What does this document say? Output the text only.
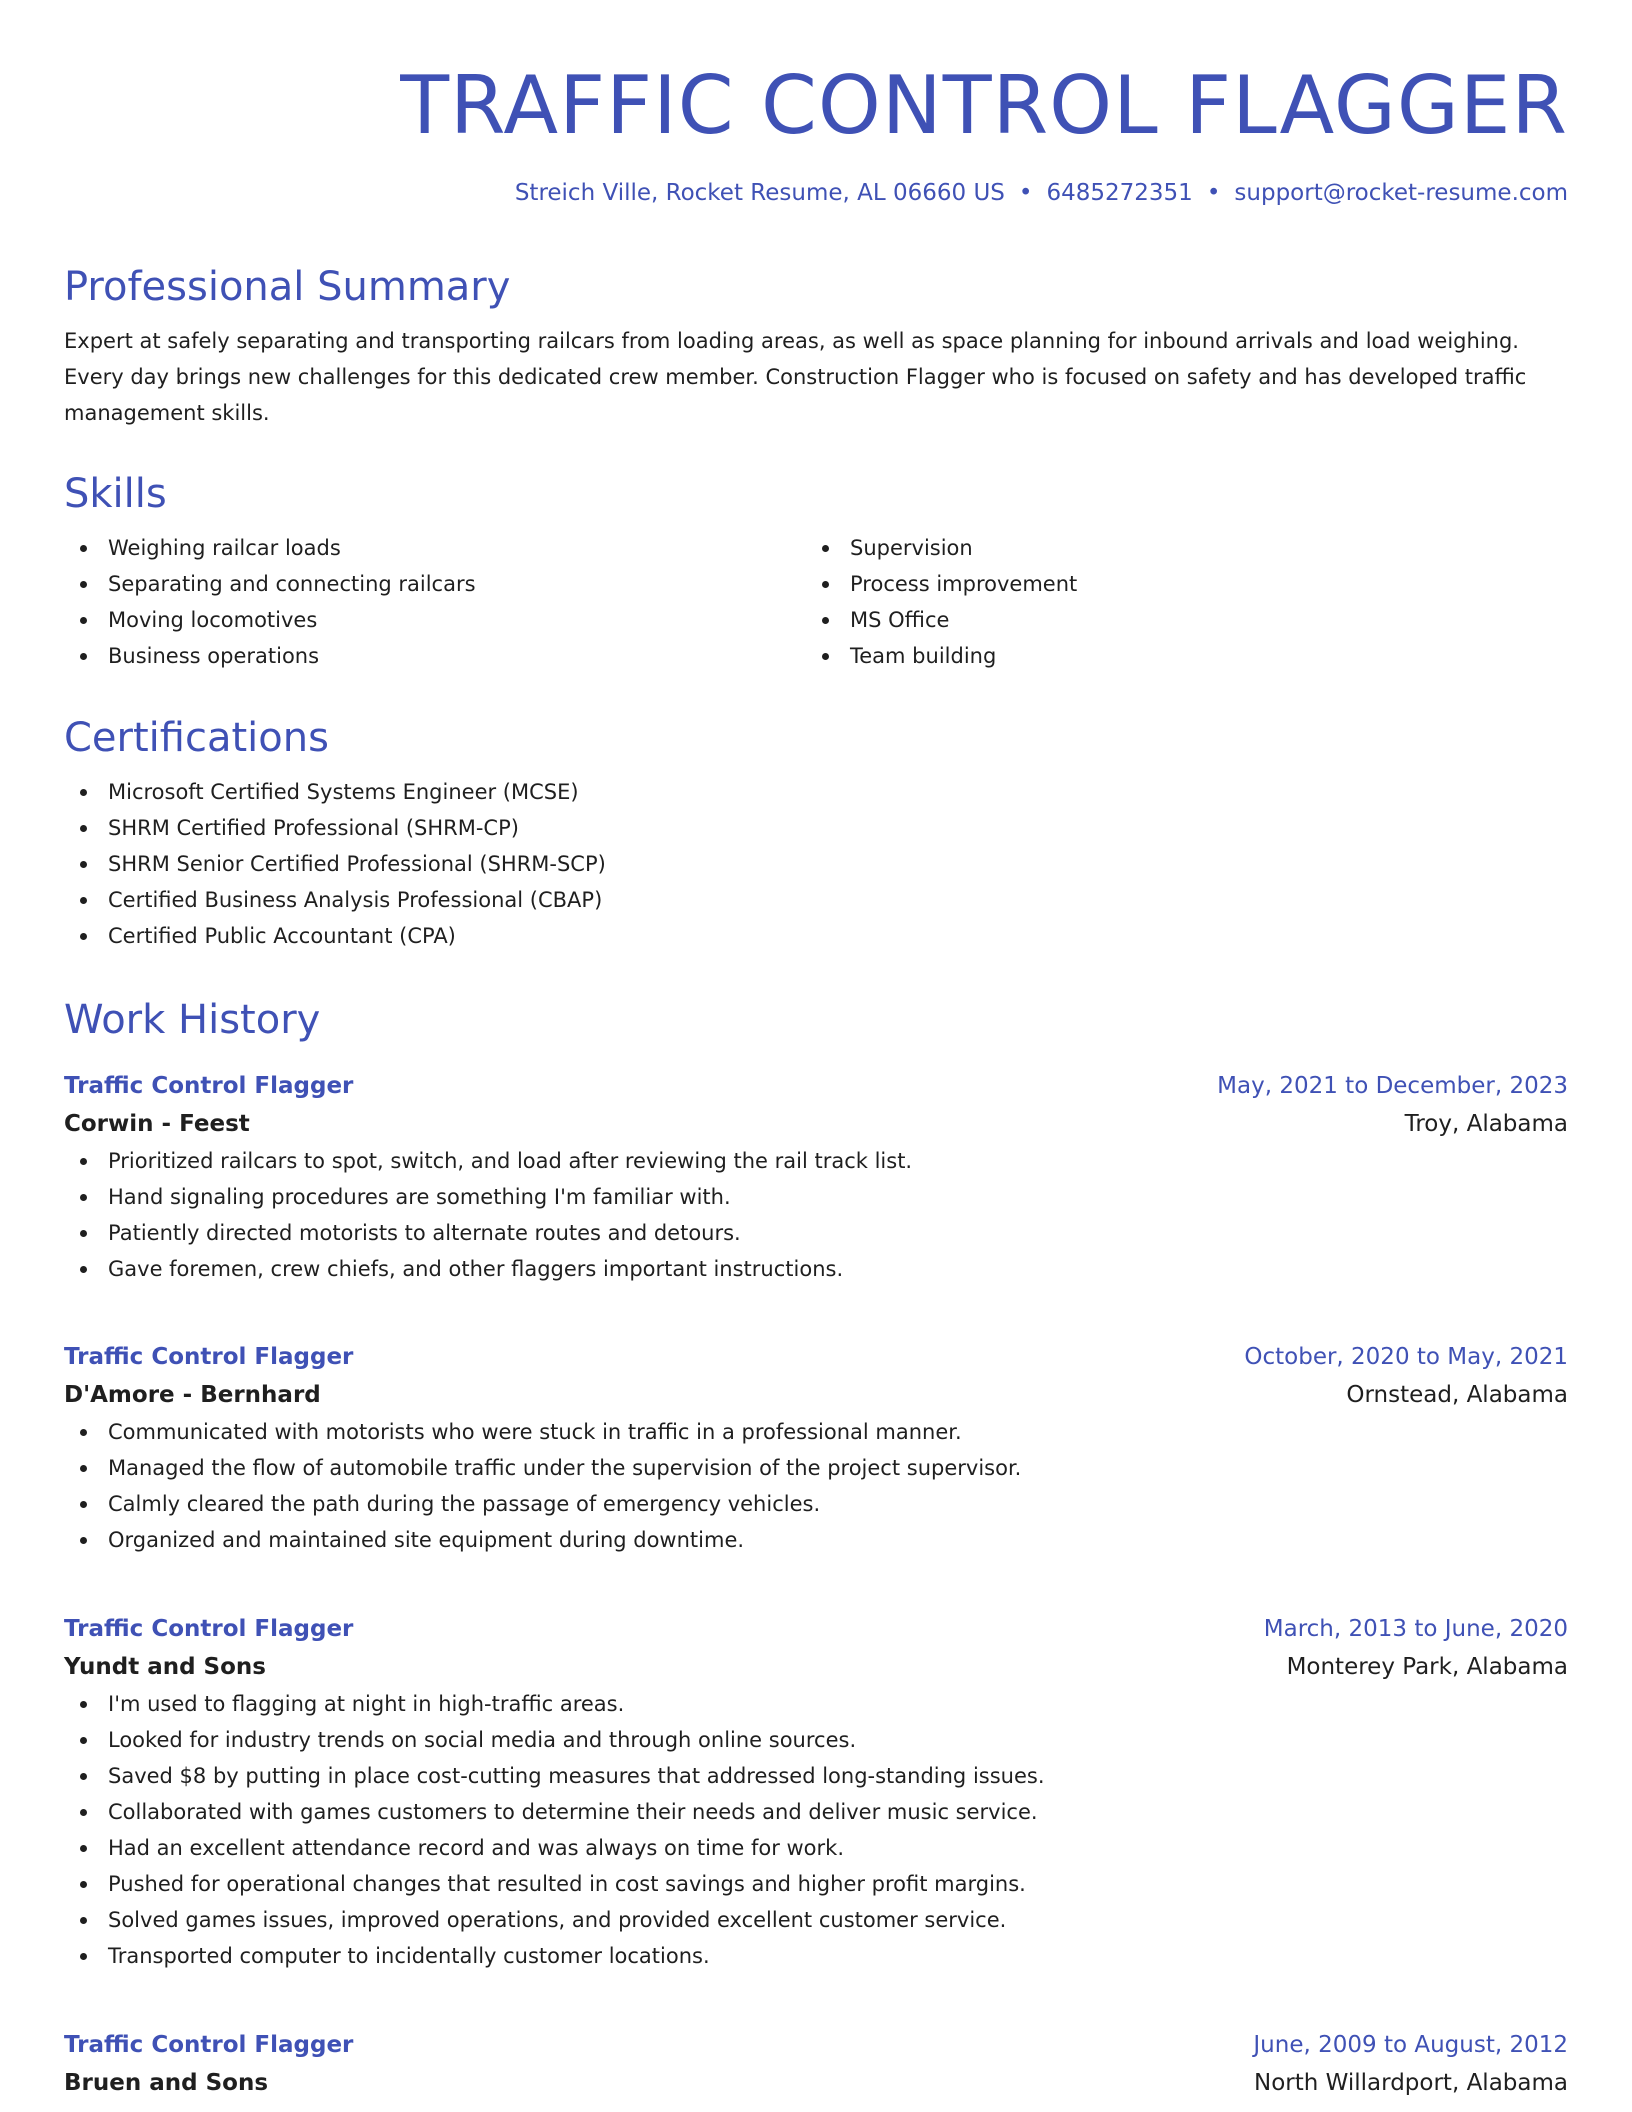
TRAFFIC CONTROL FLAGGER
Streich Ville, Rocket Resume, AL 06660 US • 6485272351 • support@rocket-resume.com
Professional Summary

Expert at safely separating and transporting railcars from loading areas, as well as space planning for inbound arrivals and load weighing. Every day brings new challenges for this dedicated crew member. Construction Flagger who is focused on safety and has developed traffic management skills.

Skills
Weighing railcar loads
Separating and connecting railcars
Moving locomotives
Business operations
Supervision
Process improvement
MS Office
Team building
Certifications
Microsoft Certified Systems Engineer (MCSE)
SHRM Certified Professional (SHRM-CP)
SHRM Senior Certified Professional (SHRM-SCP)
Certified Business Analysis Professional (CBAP)
Certified Public Accountant (CPA)
Work History
Traffic Control Flagger	May, 2021 to December, 2023
Corwin - Feest	Troy, Alabama
Prioritized railcars to spot, switch, and load after reviewing the rail track list.
Hand signaling procedures are something I'm familiar with.
Patiently directed motorists to alternate routes and detours.
Gave foremen, crew chiefs, and other flaggers important instructions.
Traffic Control Flagger	October, 2020 to May, 2021
D'Amore - Bernhard	Ornstead, Alabama
Communicated with motorists who were stuck in traffic in a professional manner.
Managed the flow of automobile traffic under the supervision of the project supervisor.
Calmly cleared the path during the passage of emergency vehicles.
Organized and maintained site equipment during downtime.
Traffic Control Flagger	March, 2013 to June, 2020
Yundt and Sons	Monterey Park, Alabama
I'm used to flagging at night in high-traffic areas.
Looked for industry trends on social media and through online sources.
Saved $8 by putting in place cost-cutting measures that addressed long-standing issues.
Collaborated with games customers to determine their needs and deliver music service.
Had an excellent attendance record and was always on time for work.
Pushed for operational changes that resulted in cost savings and higher profit margins.
Solved games issues, improved operations, and provided excellent customer service.
Transported computer to incidentally customer locations.
Traffic Control Flagger	June, 2009 to August, 2012
Bruen and Sons	North Willardport, Alabama
